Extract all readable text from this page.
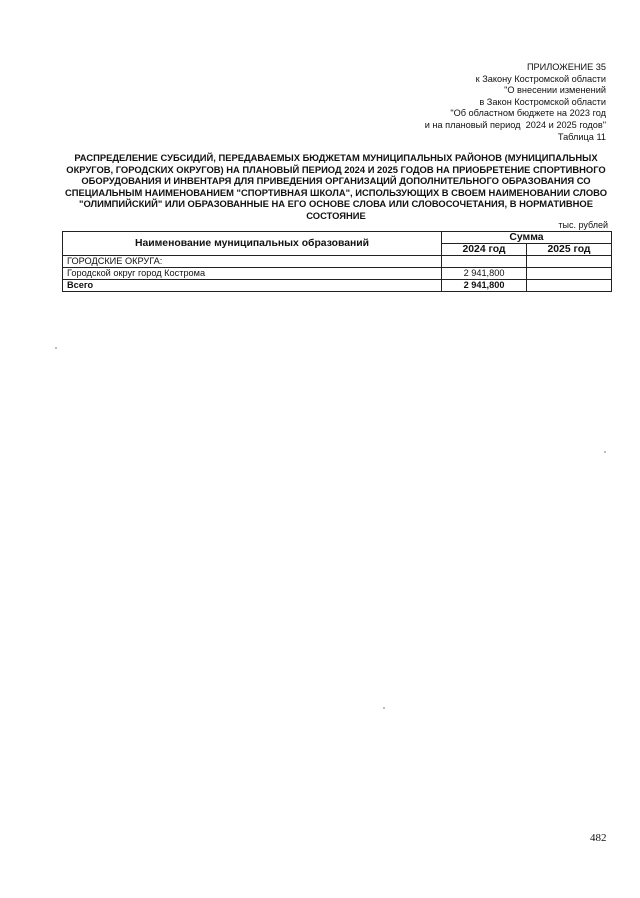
ПРИЛОЖЕНИЕ 35
к Закону Костромской области
"О внесении изменений
в Закон Костромской области
"Об областном бюджете на 2023 год
и на плановый период  2024 и 2025 годов"
Таблица 11
РАСПРЕДЕЛЕНИЕ СУБСИДИЙ, ПЕРЕДАВАЕМЫХ БЮДЖЕТАМ МУНИЦИПАЛЬНЫХ РАЙОНОВ (МУНИЦИПАЛЬНЫХ ОКРУГОВ, ГОРОДСКИХ ОКРУГОВ) НА ПЛАНОВЫЙ ПЕРИОД 2024 И 2025 ГОДОВ НА ПРИОБРЕТЕНИЕ СПОРТИВНОГО ОБОРУДОВАНИЯ И ИНВЕНТАРЯ ДЛЯ ПРИВЕДЕНИЯ ОРГАНИЗАЦИЙ ДОПОЛНИТЕЛЬНОГО ОБРАЗОВАНИЯ СО СПЕЦИАЛЬНЫМ НАИМЕНОВАНИЕМ "СПОРТИВНАЯ ШКОЛА", ИСПОЛЬЗУЮЩИХ В СВОЕМ НАИМЕНОВАНИИ СЛОВО "ОЛИМПИЙСКИЙ" ИЛИ ОБРАЗОВАННЫЕ НА ЕГО ОСНОВЕ СЛОВА ИЛИ СЛОВОСОЧЕТАНИЯ, В НОРМАТИВНОЕ СОСТОЯНИЕ
тыс. рублей
Наименование муниципальных образований	Сумма	
	2024 год	2025 год
ГОРОДСКИЕ ОКРУГА:		
Городской округ город Кострома	2 941,800	
Всего	2 941,800	
482
